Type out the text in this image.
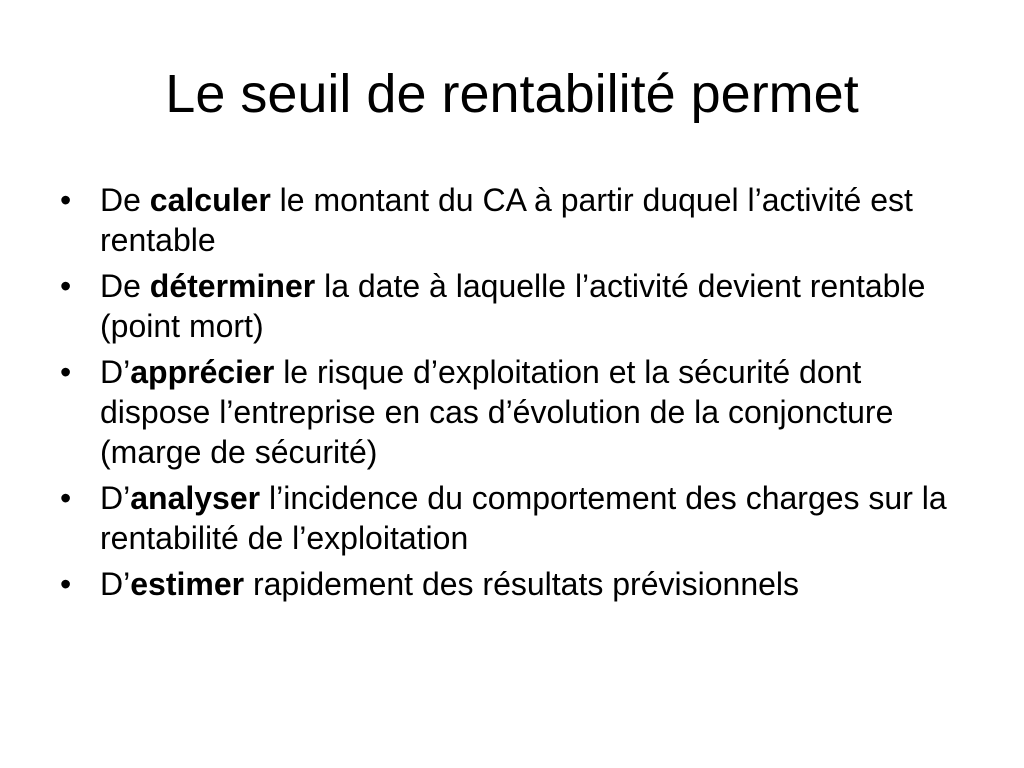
Le seuil de rentabilité permet
• De calculer le montant du CA à partir duquel l’activité est rentable
• De déterminer la date à laquelle l’activité devient rentable (point mort)
• D’apprécier le risque d’exploitation et la sécurité dont dispose l’entreprise en cas d’évolution de la conjoncture (marge de sécurité)
• D’analyser l’incidence du comportement des charges sur la rentabilité de l’exploitation
• D’estimer rapidement des résultats prévisionnels
